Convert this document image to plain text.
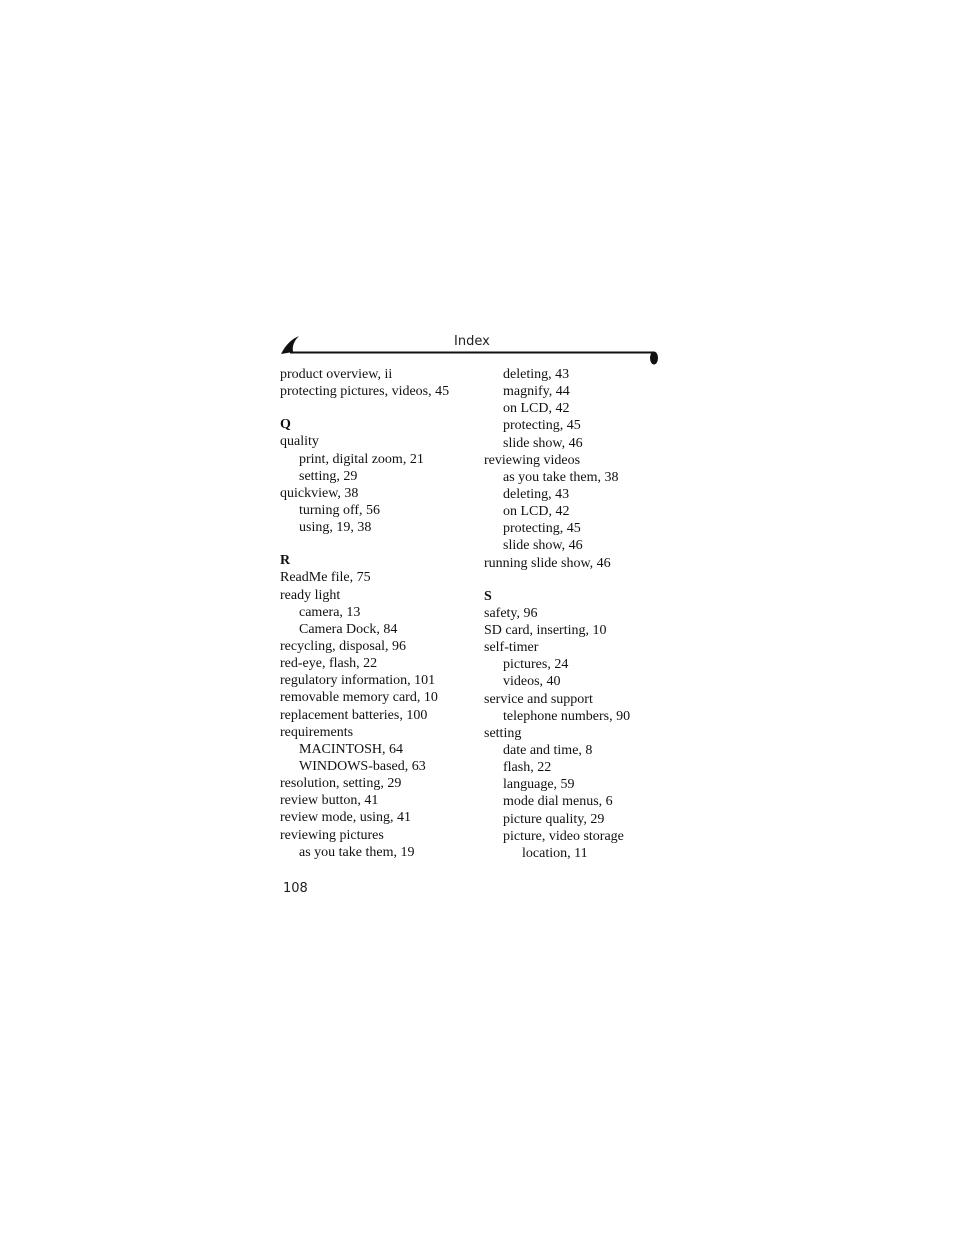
Index
product overview, ii
protecting pictures, videos, 45
Q
quality
print, digital zoom, 21
setting, 29
quickview, 38
turning off, 56
using, 19, 38
R
ReadMe file, 75
ready light
camera, 13
Camera Dock, 84
recycling, disposal, 96
red-eye, flash, 22
regulatory information, 101
removable memory card, 10
replacement batteries, 100
requirements
MACINTOSH, 64
WINDOWS-based, 63
resolution, setting, 29
review button, 41
review mode, using, 41
reviewing pictures
as you take them, 19
deleting, 43
magnify, 44
on LCD, 42
protecting, 45
slide show, 46
reviewing videos
as you take them, 38
deleting, 43
on LCD, 42
protecting, 45
slide show, 46
running slide show, 46
S
safety, 96
SD card, inserting, 10
self-timer
pictures, 24
videos, 40
service and support
telephone numbers, 90
setting
date and time, 8
flash, 22
language, 59
mode dial menus, 6
picture quality, 29
picture, video storage
location, 11
108
